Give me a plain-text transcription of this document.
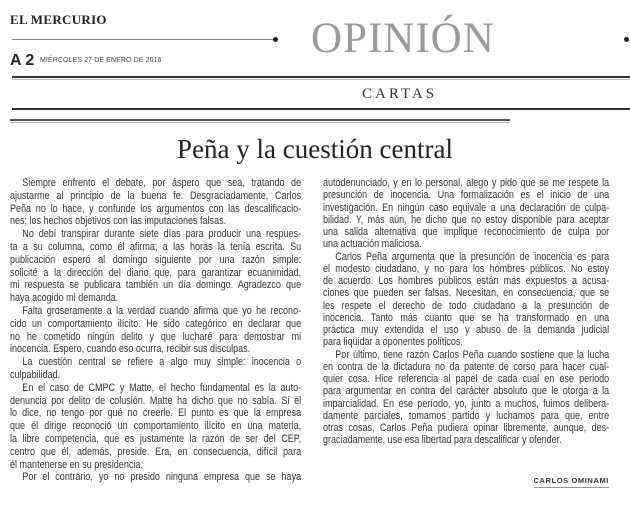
EL MERCURIO	OPINIÓN
A 2 MIÉRCOLES 27 DE ENERO DE 2016
CARTAS
Peña y la cuestión central
Siempre enfrento el debate, por áspero que sea, tratando de
ajustarme al principio de la buena fe. Desgraciadamente, Carlos
Peña no lo hace, y confunde los argumentos con las descalificacio-
nes; los hechos objetivos con las imputaciones falsas.
No debí transpirar durante siete días para producir una respues-
ta a su columna, como él afirma; a las horas la tenía escrita. Su
publicación esperó al domingo siguiente por una razón simple:
solicité a la dirección del diario que, para garantizar ecuanimidad,
mi respuesta se publicara también un día domingo. Agradezco que
haya acogido mi demanda.
Falta groseramente a la verdad cuando afirma que yo he recono-
cido un comportamiento ilícito. He sido categórico en declarar que
no he cometido ningún delito y que lucharé para demostrar mi
inocencia. Espero, cuando eso ocurra, recibir sus disculpas.
La cuestión central se refiere a algo muy simple: inocencia o
culpabilidad.
En el caso de CMPC y Matte, el hecho fundamental es la auto-
denuncia por delito de colusión. Matte ha dicho que no sabía. Si él
lo dice, no tengo por qué no creerle. El punto es que la empresa
que él dirige reconoció un comportamiento ilícito en una materia,
la libre competencia, que es justamente la razón de ser del CEP,
centro que él, además, preside. Era, en consecuencia, difícil para
él mantenerse en su presidencia.
Por el contrario, yo no presido ninguna empresa que se haya
autodenunciado, y en lo personal, alego y pido que se me respete la
presunción de inocencia. Una formalización es el inicio de una
investigación. En ningún caso equivale a una declaración de culpa-
bilidad. Y, más aún, he dicho que no estoy disponible para aceptar
una salida alternativa que implique reconocimiento de culpa por
una actuación maliciosa.
Carlos Peña argumenta que la presunción de inocencia es para
el modesto ciudadano, y no para los hombres públicos. No estoy
de acuerdo. Los hombres públicos están más expuestos a acusa-
ciones que pueden ser falsas. Necesitan, en consecuencia, que se
les respete el derecho de todo ciudadano a la presunción de
inocencia. Tanto más cuanto que se ha transformado en una
práctica muy extendida el uso y abuso de la demanda judicial
para liquidar a oponentes políticos.
Por último, tiene razón Carlos Peña cuando sostiene que la lucha
en contra de la dictadura no da patente de corso para hacer cual-
quier cosa. Hice referencia al papel de cada cual en ese periodo
para argumentar en contra del carácter absoluto que le otorga a la
imparcialidad. En ese período, yo, junto a muchos, fuimos delibera-
damente parciales, tomamos partido y luchamos para que, entre
otras cosas, Carlos Peña pudiera opinar libremente, aunque, des-
graciadamente, use esa libertad para descalificar y ofender.
CARLOS OMINAMI
